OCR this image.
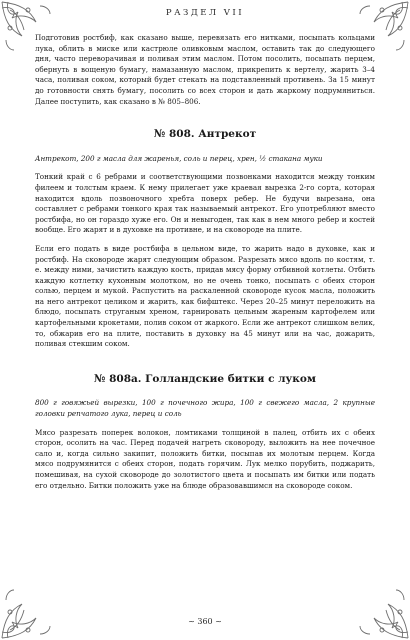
РАЗДЕЛ VII

Подготовив ростбиф, как сказано выше, перевязать его нитками, посыпать кольцами лука, облить в миске или кастрюле оливковым маслом, оставить так до следующего дня, часто переворачивая и поливая этим маслом. Потом посолить, посыпать перцем, обернуть в вощеную бумагу, намазанную маслом, прикрепить к вертелу, жарить 3–4 часа, поливая соком, который будет стекать на подставленный противень. За 15 минут до готовности снять бумагу, посолить со всех сторон и дать жаркому подрумяниться. Далее поступить, как сказано в № 805–806.

№ 808. Антрекот

Антрекот, 200 г масла для жаренья, соль и перец, хрен, ½ стакана муки

Тонкий край с 6 ребрами и соответствующими позвонками находится между тонким филеем и толстым краем. К нему прилегает уже краевая вырезка 2-го сорта, которая находится вдоль позвоночного хребта поверх ребер. Не будучи вырезана, она составляет с ребрами тонкого края так называемый антрекот. Его употребляют вместо ростбифа, но он гораздо хуже его. Он и невыгоден, так как в нем много ребер и костей вообще. Его жарят и в духовке на противне, и на сковороде на плите.

Если его подать в виде ростбифа в цельном виде, то жарить надо в духовке, как и ростбиф. На сковороде жарят следующим образом. Разрезать мясо вдоль по костям, т. е. между ними, зачистить каждую кость, придав мясу форму отбивной котлеты. Отбить каждую котлетку кухонным молотком, но не очень тонко, посыпать с обеих сторон солью, перцем и мукой. Распустить на раскаленной сковороде кусок масла, положить на него антрекот целиком и жарить, как бифштекс. Через 20–25 минут переложить на блюдо, посыпать струганым хреном, гарнировать цельным жареным картофелем или картофельными крокетами, полив соком от жаркого. Если же антрекот слишком велик, то, обжарив его на плите, поставить в духовку на 45 минут или на час, дожарить, поливая стекшим соком.

№ 808а. Голландские битки с луком

800 г говяжьей вырезки, 100 г почечного жира, 100 г свежего масла, 2 крупные головки репчатого лука, перец и соль

Мясо разрезать поперек волокон, ломтиками толщиной в палец, отбить их с обеих сторон, осолить на час. Перед подачей нагреть сковороду, выложить на нее почечное сало и, когда сильно закипит, положить битки, посыпав их молотым перцем. Когда мясо подрумянится с обеих сторон, подать горячим. Лук мелко порубить, поджарить, помешивая, на сухой сковороде до золотистого цвета и посыпать им битки или подать его отдельно. Битки положить уже на блюде образовавшимся на сковороде соком.

~ 360 ~
